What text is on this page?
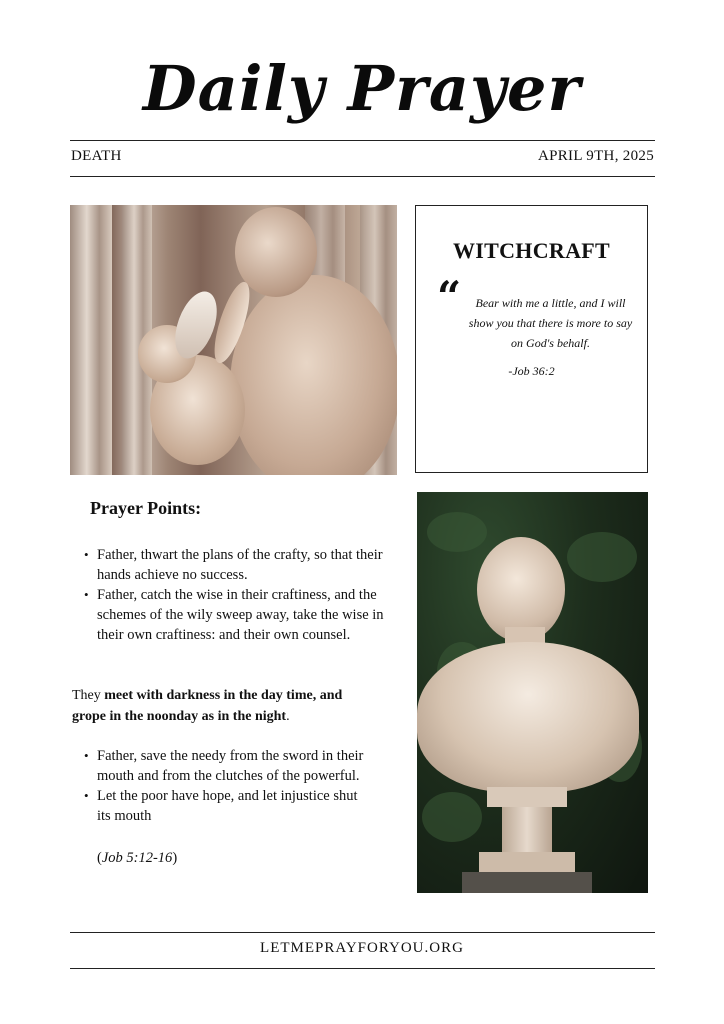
Daily Prayer
DEATH	APRIL 9TH, 2025
WITCHCRAFT
“	Bear with me a little, and I will show you that there is more to say on God's behalf.
-Job 36:2
Prayer Points:
• Father, thwart the plans of the crafty, so that their hands achieve no success.
• Father, catch the wise in their craftiness, and the schemes of the wily sweep away, take the wise in their own craftiness: and their own counsel.
They meet with darkness in the day time, and grope in the noonday as in the night.
• Father, save the needy from the sword in their mouth and from the clutches of the powerful.
• Let the poor have hope, and let injustice shut its mouth
(Job 5:12-16)
LETMEPRAYFORYOU.ORG
